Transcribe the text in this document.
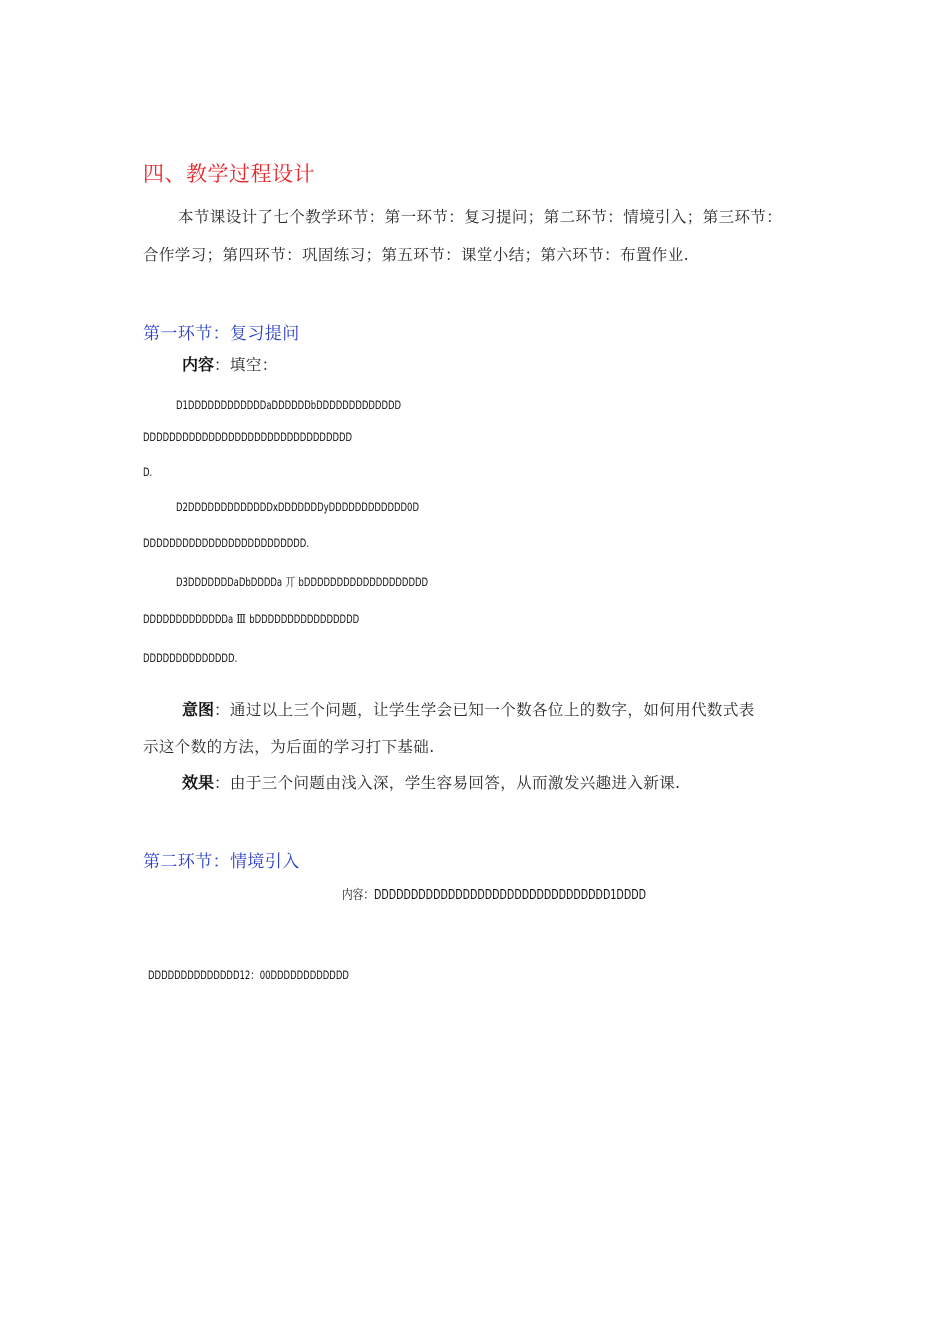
四、教学过程设计
本节课设计了七个教学环节：第一环节：复习提问；第二环节：情境引入；第三环节：
合作学习；第四环节：巩固练习；第五环节：课堂小结；第六环节：布置作业.
第一环节：复习提问
内容：填空：
D1DDDDDDDDDDDDaDDDDDDbDDDDDDDDDDDDD
DDDDDDDDDDDDDDDDDDDDDDDDDDDDDDDD
D.
D2DDDDDDDDDDDDDxDDDDDDDyDDDDDDDDDDDD0D
DDDDDDDDDDDDDDDDDDDDDDDDD.
D3DDDDDDDaDbDDDDa 丌 bDDDDDDDDDDDDDDDDDDD
DDDDDDDDDDDDDa Ⅲ bDDDDDDDDDDDDDDDD
DDDDDDDDDDDDDD.
意图：通过以上三个问题，让学生学会已知一个数各位上的数字，如何用代数式表
示这个数的方法，为后面的学习打下基础.
效果：由于三个问题由浅入深，学生容易回答，从而激发兴趣进入新课.
第二环节：情境引入
内容：DDDDDDDDDDDDDDDDDDDDDDDDDDDDDDDD1DDDD
DDDDDDDDDDDDDD12：00DDDDDDDDDDDD
